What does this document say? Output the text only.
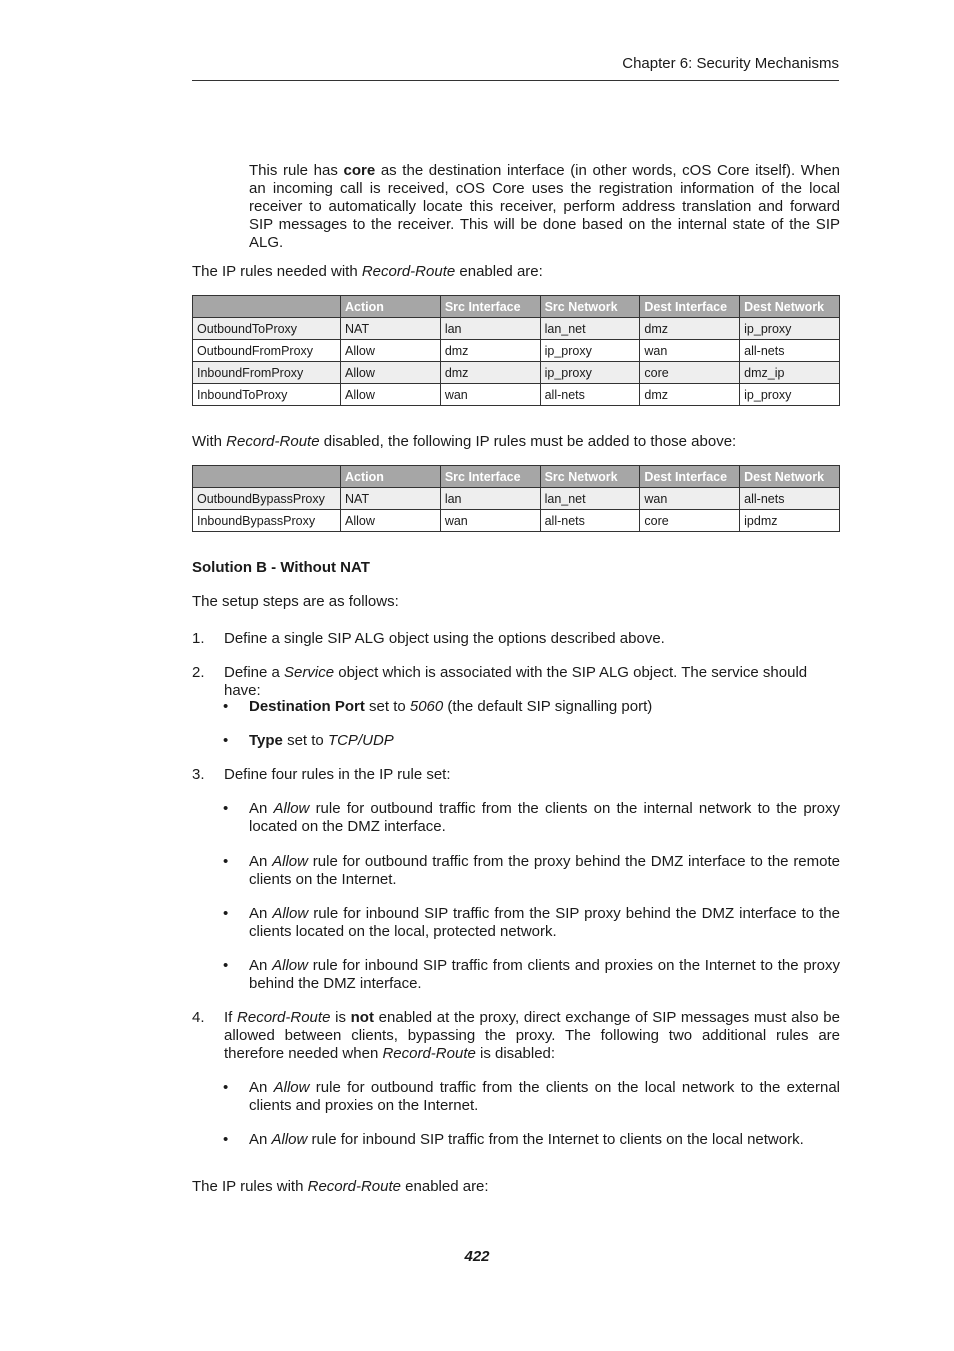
Chapter 6: Security Mechanisms
This rule has core as the destination interface (in other words, cOS Core itself). When an incoming call is received, cOS Core uses the registration information of the local receiver to automatically locate this receiver, perform address translation and forward SIP messages to the receiver. This will be done based on the internal state of the SIP ALG.
The IP rules needed with Record-Route enabled are:
	Action	Src Interface	Src Network	Dest Interface	Dest Network
OutboundToProxy	NAT	lan	lan_net	dmz	ip_proxy
OutboundFromProxy	Allow	dmz	ip_proxy	wan	all-nets
InboundFromProxy	Allow	dmz	ip_proxy	core	dmz_ip
InboundToProxy	Allow	wan	all-nets	dmz	ip_proxy
With Record-Route disabled, the following IP rules must be added to those above:
	Action	Src Interface	Src Network	Dest Interface	Dest Network
OutboundBypassProxy	NAT	lan	lan_net	wan	all-nets
InboundBypassProxy	Allow	wan	all-nets	core	ipdmz
Solution B - Without NAT
The setup steps are as follows:
1. Define a single SIP ALG object using the options described above.
2. Define a Service object which is associated with the SIP ALG object. The service should have:
• Destination Port set to 5060 (the default SIP signalling port)
• Type set to TCP/UDP
3. Define four rules in the IP rule set:
• An Allow rule for outbound traffic from the clients on the internal network to the proxy located on the DMZ interface.
• An Allow rule for outbound traffic from the proxy behind the DMZ interface to the remote clients on the Internet.
• An Allow rule for inbound SIP traffic from the SIP proxy behind the DMZ interface to the clients located on the local, protected network.
• An Allow rule for inbound SIP traffic from clients and proxies on the Internet to the proxy behind the DMZ interface.
4. If Record-Route is not enabled at the proxy, direct exchange of SIP messages must also be allowed between clients, bypassing the proxy. The following two additional rules are therefore needed when Record-Route is disabled:
• An Allow rule for outbound traffic from the clients on the local network to the external clients and proxies on the Internet.
• An Allow rule for inbound SIP traffic from the Internet to clients on the local network.
The IP rules with Record-Route enabled are:
422
